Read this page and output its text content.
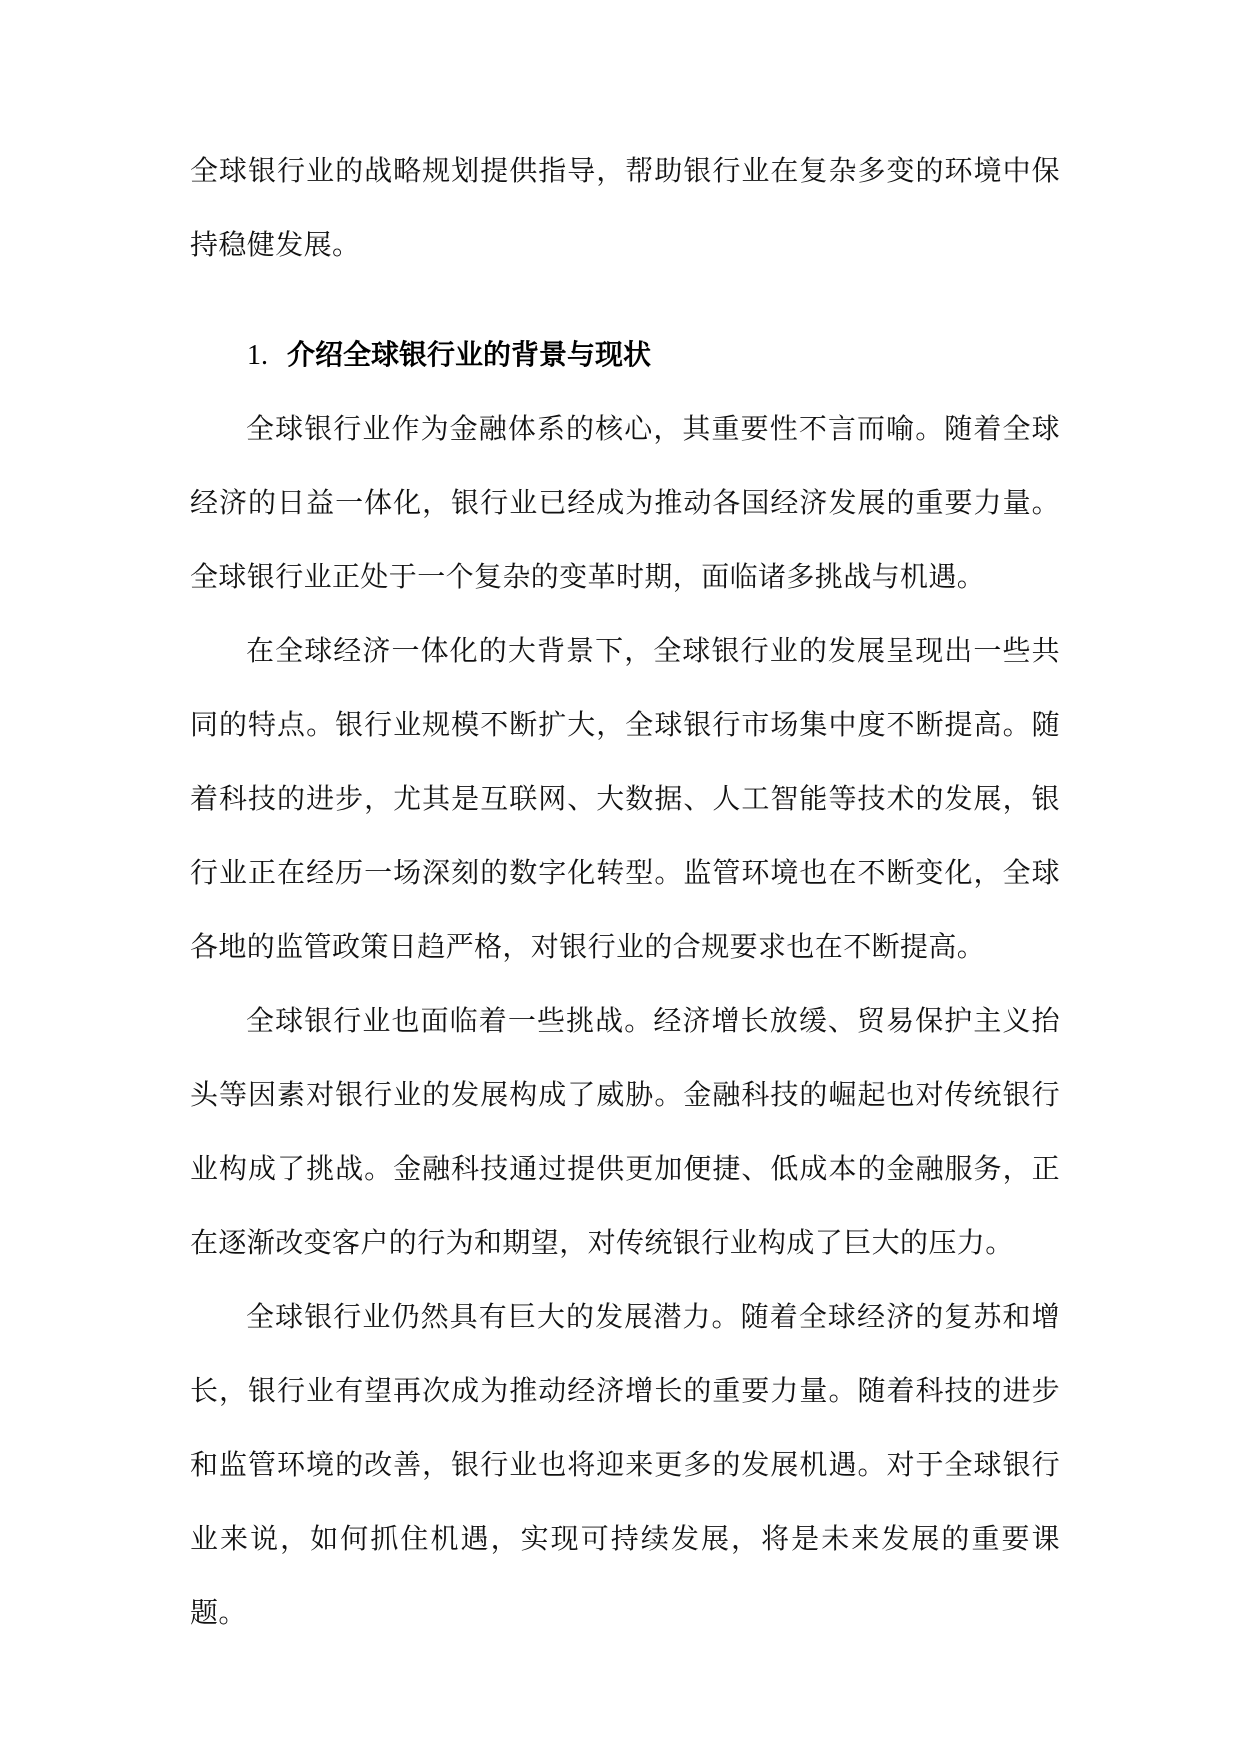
全球银行业的战略规划提供指导，帮助银行业在复杂多变的环境中保持稳健发展。

1. 介绍全球银行业的背景与现状

全球银行业作为金融体系的核心，其重要性不言而喻。随着全球经济的日益一体化，银行业已经成为推动各国经济发展的重要力量。全球银行业正处于一个复杂的变革时期，面临诸多挑战与机遇。

在全球经济一体化的大背景下，全球银行业的发展呈现出一些共同的特点。银行业规模不断扩大，全球银行市场集中度不断提高。随着科技的进步，尤其是互联网、大数据、人工智能等技术的发展，银行业正在经历一场深刻的数字化转型。监管环境也在不断变化，全球各地的监管政策日趋严格，对银行业的合规要求也在不断提高。

全球银行业也面临着一些挑战。经济增长放缓、贸易保护主义抬头等因素对银行业的发展构成了威胁。金融科技的崛起也对传统银行业构成了挑战。金融科技通过提供更加便捷、低成本的金融服务，正在逐渐改变客户的行为和期望，对传统银行业构成了巨大的压力。

全球银行业仍然具有巨大的发展潜力。随着全球经济的复苏和增长，银行业有望再次成为推动经济增长的重要力量。随着科技的进步和监管环境的改善，银行业也将迎来更多的发展机遇。对于全球银行业来说，如何抓住机遇，实现可持续发展，将是未来发展的重要课题。
